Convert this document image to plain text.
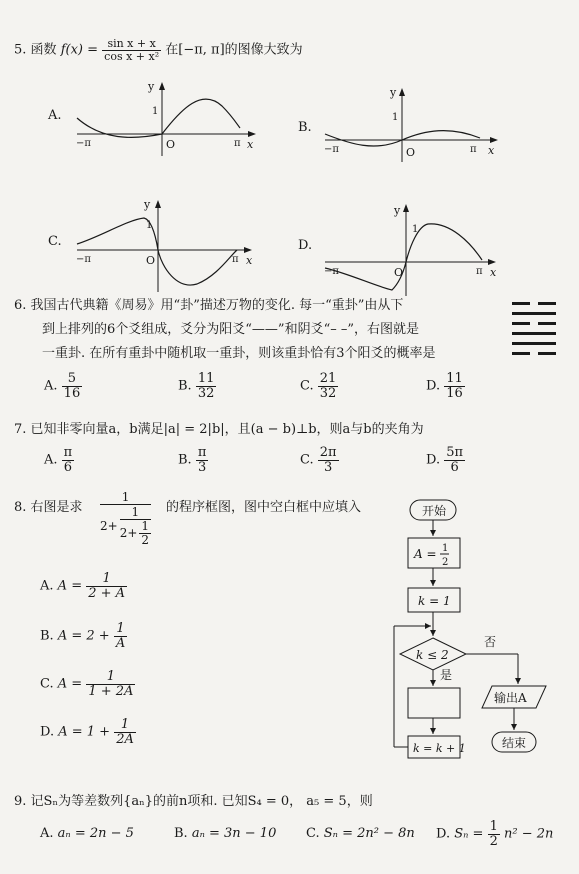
5. 函数 $f(x) = \frac{\text{sin x + x}}{\text{cos x + x²}}$ 在[−π, π]的图像大致为
A.
y
1
O
−π	π x
B.
y
1
O
−π	π x
C.
y
1
O
−π	π x
D.
y
1
O
−π	π x
6. 我国古代典籍《周易》用“卦”描述万物的变化. 每一“重卦”由从下
到上排列的6个爻组成，爻分为阳爻“——”和阴爻“– –”，右图就是
一重卦. 在所有重卦中随机取一重卦，则该重卦恰有3个阳爻的概率是
A. $\frac{5}{16}$	B. $\frac{11}{32}$	C. $\frac{21}{32}$	D. $\frac{11}{16}$
7. 已知非零向量a，b满足|a| = 2|b|，且(a − b)⊥b，则a与b的夹角为
A. $\frac{\pi}{6}$	B. $\frac{\pi}{3}$	C. $\frac{2\pi}{3}$	D. $\frac{5\pi}{6}$
8. 右图是求
1
$2 + \frac{1}{2 + \frac{1}{2}}$ 的程序框图，图中空白框中应填入
A. $A = \frac{1}{2 + A}$
B. $A = 2 + \frac{1}{A}$
C. $A = \frac{1}{1 + 2A}$
D. $A = 1 + \frac{1}{2A}$
开始
A = 1
2
k = 1
k ≤ 2
否
是
k = k + 1
输出A
结束
9. 记Sₙ为等差数列{aₙ}的前n项和. 已知S₄ = 0， a₅ = 5，则
A. aₙ = 2n − 5	B. aₙ = 3n − 10 C. Sₙ = 2n² − 8n D. $S_n = \frac{1}{2} n^2 - 2n$
